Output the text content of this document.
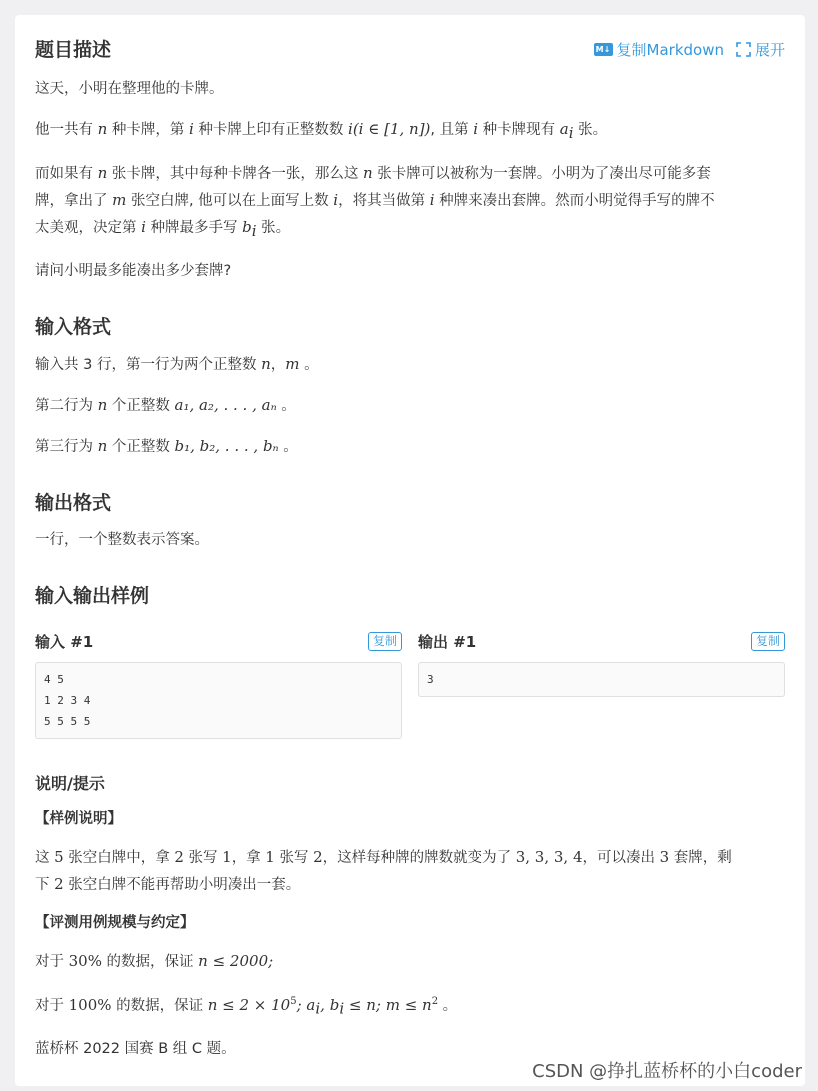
题目描述	M↓ 复制Markdown 展开

这天，小明在整理他的卡牌。

他一共有 n 种卡牌，第 i 种卡牌上印有正整数数 i(i ∈ [1, n]), 且第 i 种卡牌现有 $a_i$ 张。

而如果有 n 张卡牌，其中每种卡牌各一张，那么这 n 张卡牌可以被称为一套牌。小明为了凑出尽可能多套
牌，拿出了 m 张空白牌, 他可以在上面写上数 i，将其当做第 i 种牌来凑出套牌。然而小明觉得手写的牌不
太美观，决定第 i 种牌最多手写 $b_i$ 张。

请问小明最多能凑出多少套牌?

输入格式

输入共 3 行，第一行为两个正整数 n，m 。

第二行为 n 个正整数 a₁, a₂, . . . , aₙ 。

第三行为 n 个正整数 b₁, b₂, . . . , bₙ 。

输出格式

一行，一个整数表示答案。

输入输出样例
输入 #1	复制
4 5
1 2 3 4
5 5 5 5
输出 #1	复制
3
说明/提示

【样例说明】

这 5 张空白牌中，拿 2 张写 1，拿 1 张写 2，这样每种牌的牌数就变为了 3, 3, 3, 4，可以凑出 3 套牌，剩
下 2 张空白牌不能再帮助小明凑出一套。

【评测用例规模与约定】

对于 30% 的数据，保证 n ≤ 2000;

对于 100% 的数据，保证 $n \le 2 \times 10^5$; $a_i$, $b_i \le n$; $m \le n^2$ 。

蓝桥杯 2022 国赛 B 组 C 题。

CSDN @挣扎蓝桥杯的小白coder
